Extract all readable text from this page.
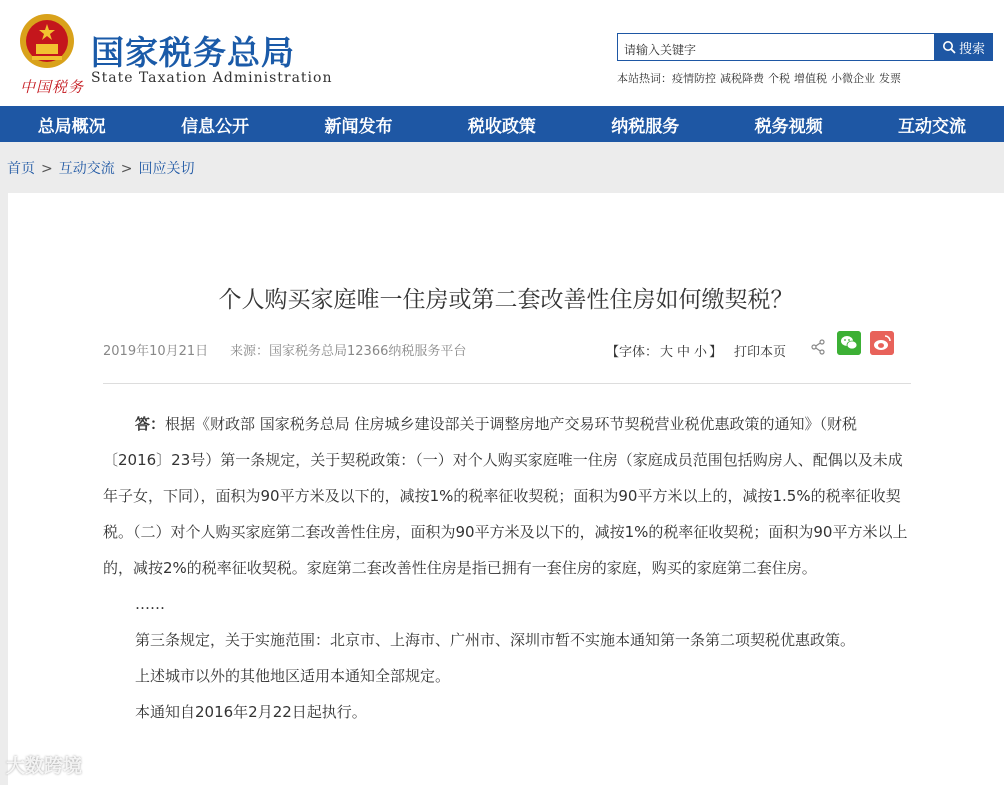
中国税务
国家税务总局
State Taxation Administration
请输入关键字	搜索
本站热词：疫情防控 减税降费 个税 增值税 小微企业 发票
总局概况	信息公开	新闻发布	税收政策	纳税服务	税务视频	互动交流
首页 > 互动交流 > 回应关切
个人购买家庭唯一住房或第二套改善性住房如何缴契税？
2019年10月21日 来源：国家税务总局12366纳税服务平台	【字体： 大 中 小 】 打印本页

答：根据《财政部 国家税务总局 住房城乡建设部关于调整房地产交易环节契税营业税优惠政策的通知》（财税〔2016〕23号）第一条规定，关于契税政策：（一）对个人购买家庭唯一住房（家庭成员范围包括购房人、配偶以及未成年子女，下同），面积为90平方米及以下的，减按1%的税率征收契税；面积为90平方米以上的，减按1.5%的税率征收契税。（二）对个人购买家庭第二套改善性住房，面积为90平方米及以下的，减按1%的税率征收契税；面积为90平方米以上的，减按2%的税率征收契税。家庭第二套改善性住房是指已拥有一套住房的家庭，购买的家庭第二套住房。

……

第三条规定，关于实施范围：北京市、上海市、广州市、深圳市暂不实施本通知第一条第二项契税优惠政策。

上述城市以外的其他地区适用本通知全部规定。

本通知自2016年2月22日起执行。

大数跨境
